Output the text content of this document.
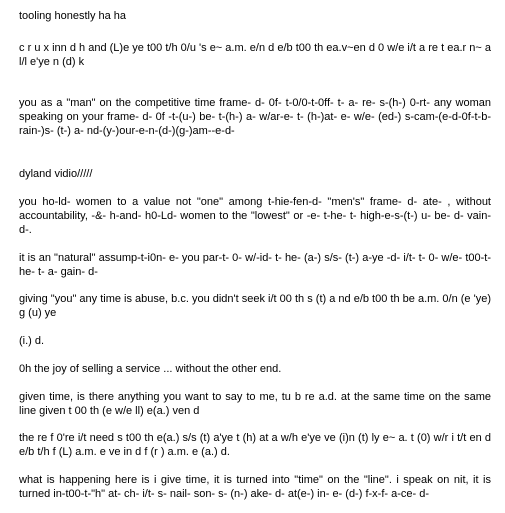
tooling honestly ha ha

c r u x inn d h and (L)e ye t00 t/h 0/u 's e~ a.m. e/n d e/b t00 th ea.v~en d 0 w/e i/t a re t ea.r n~ a l/l e'ye n (d) k

you as a "man" on the competitive time frame- d- 0f- t-0/0-t-0ff- t- a- re- s-(h-) 0-rt- any woman speaking on your frame- d- 0f -t-(u-) be- t-(h-) a- w/ar-e- t- (h-)at- e- w/e- (ed-) s-cam-(e-d-0f-t-b-rain-)s- (t-) a- nd-(y-)our-e-n-(d-)(g-)am--e-d-

dyland vidio/////

you ho-ld- women to a value not "one" among t-hie-fen-d- "men's" frame- d- ate- , without accountability, -&- h-and- h0-Ld- women to the "lowest" or -e- t-he- t- high-e-s-(t-) u- be- d- vain- d-.

it is an "natural" assump-t-i0n- e- you par-t- 0- w/-id- t- he- (a-) s/s- (t-) a-ye -d- i/t- t- 0- w/e- t00-t-he- t- a- gain- d-

giving "you" any time is abuse, b.c. you didn't seek i/t 00 th s (t) a nd e/b t00 th be a.m. 0/n (e 'ye) g (u) ye

(i.) d.

0h the joy of selling a service ... without the other end.

given time, is there anything you want to say to me, tu b re a.d. at the same time on the same line given t 00 th (e w/e ll) e(a.) ven d

the re f 0're i/t need s t00 th e(a.) s/s (t) a'ye t (h) at a w/h e'ye ve (i)n (t) ly e~ a. t (0) w/r i t/t en d e/b t/h f (L) a.m. e ve in d f (r ) a.m. e (a.) d.

what is happening here is i give time, it is turned into "time" on the "line". i speak on nit, it is turned in-t00-t-"h" at- ch- i/t- s- nail- son- s- (n-) ake- d- at(e-) in- e- (d-) f-x-f- a-ce- d-
